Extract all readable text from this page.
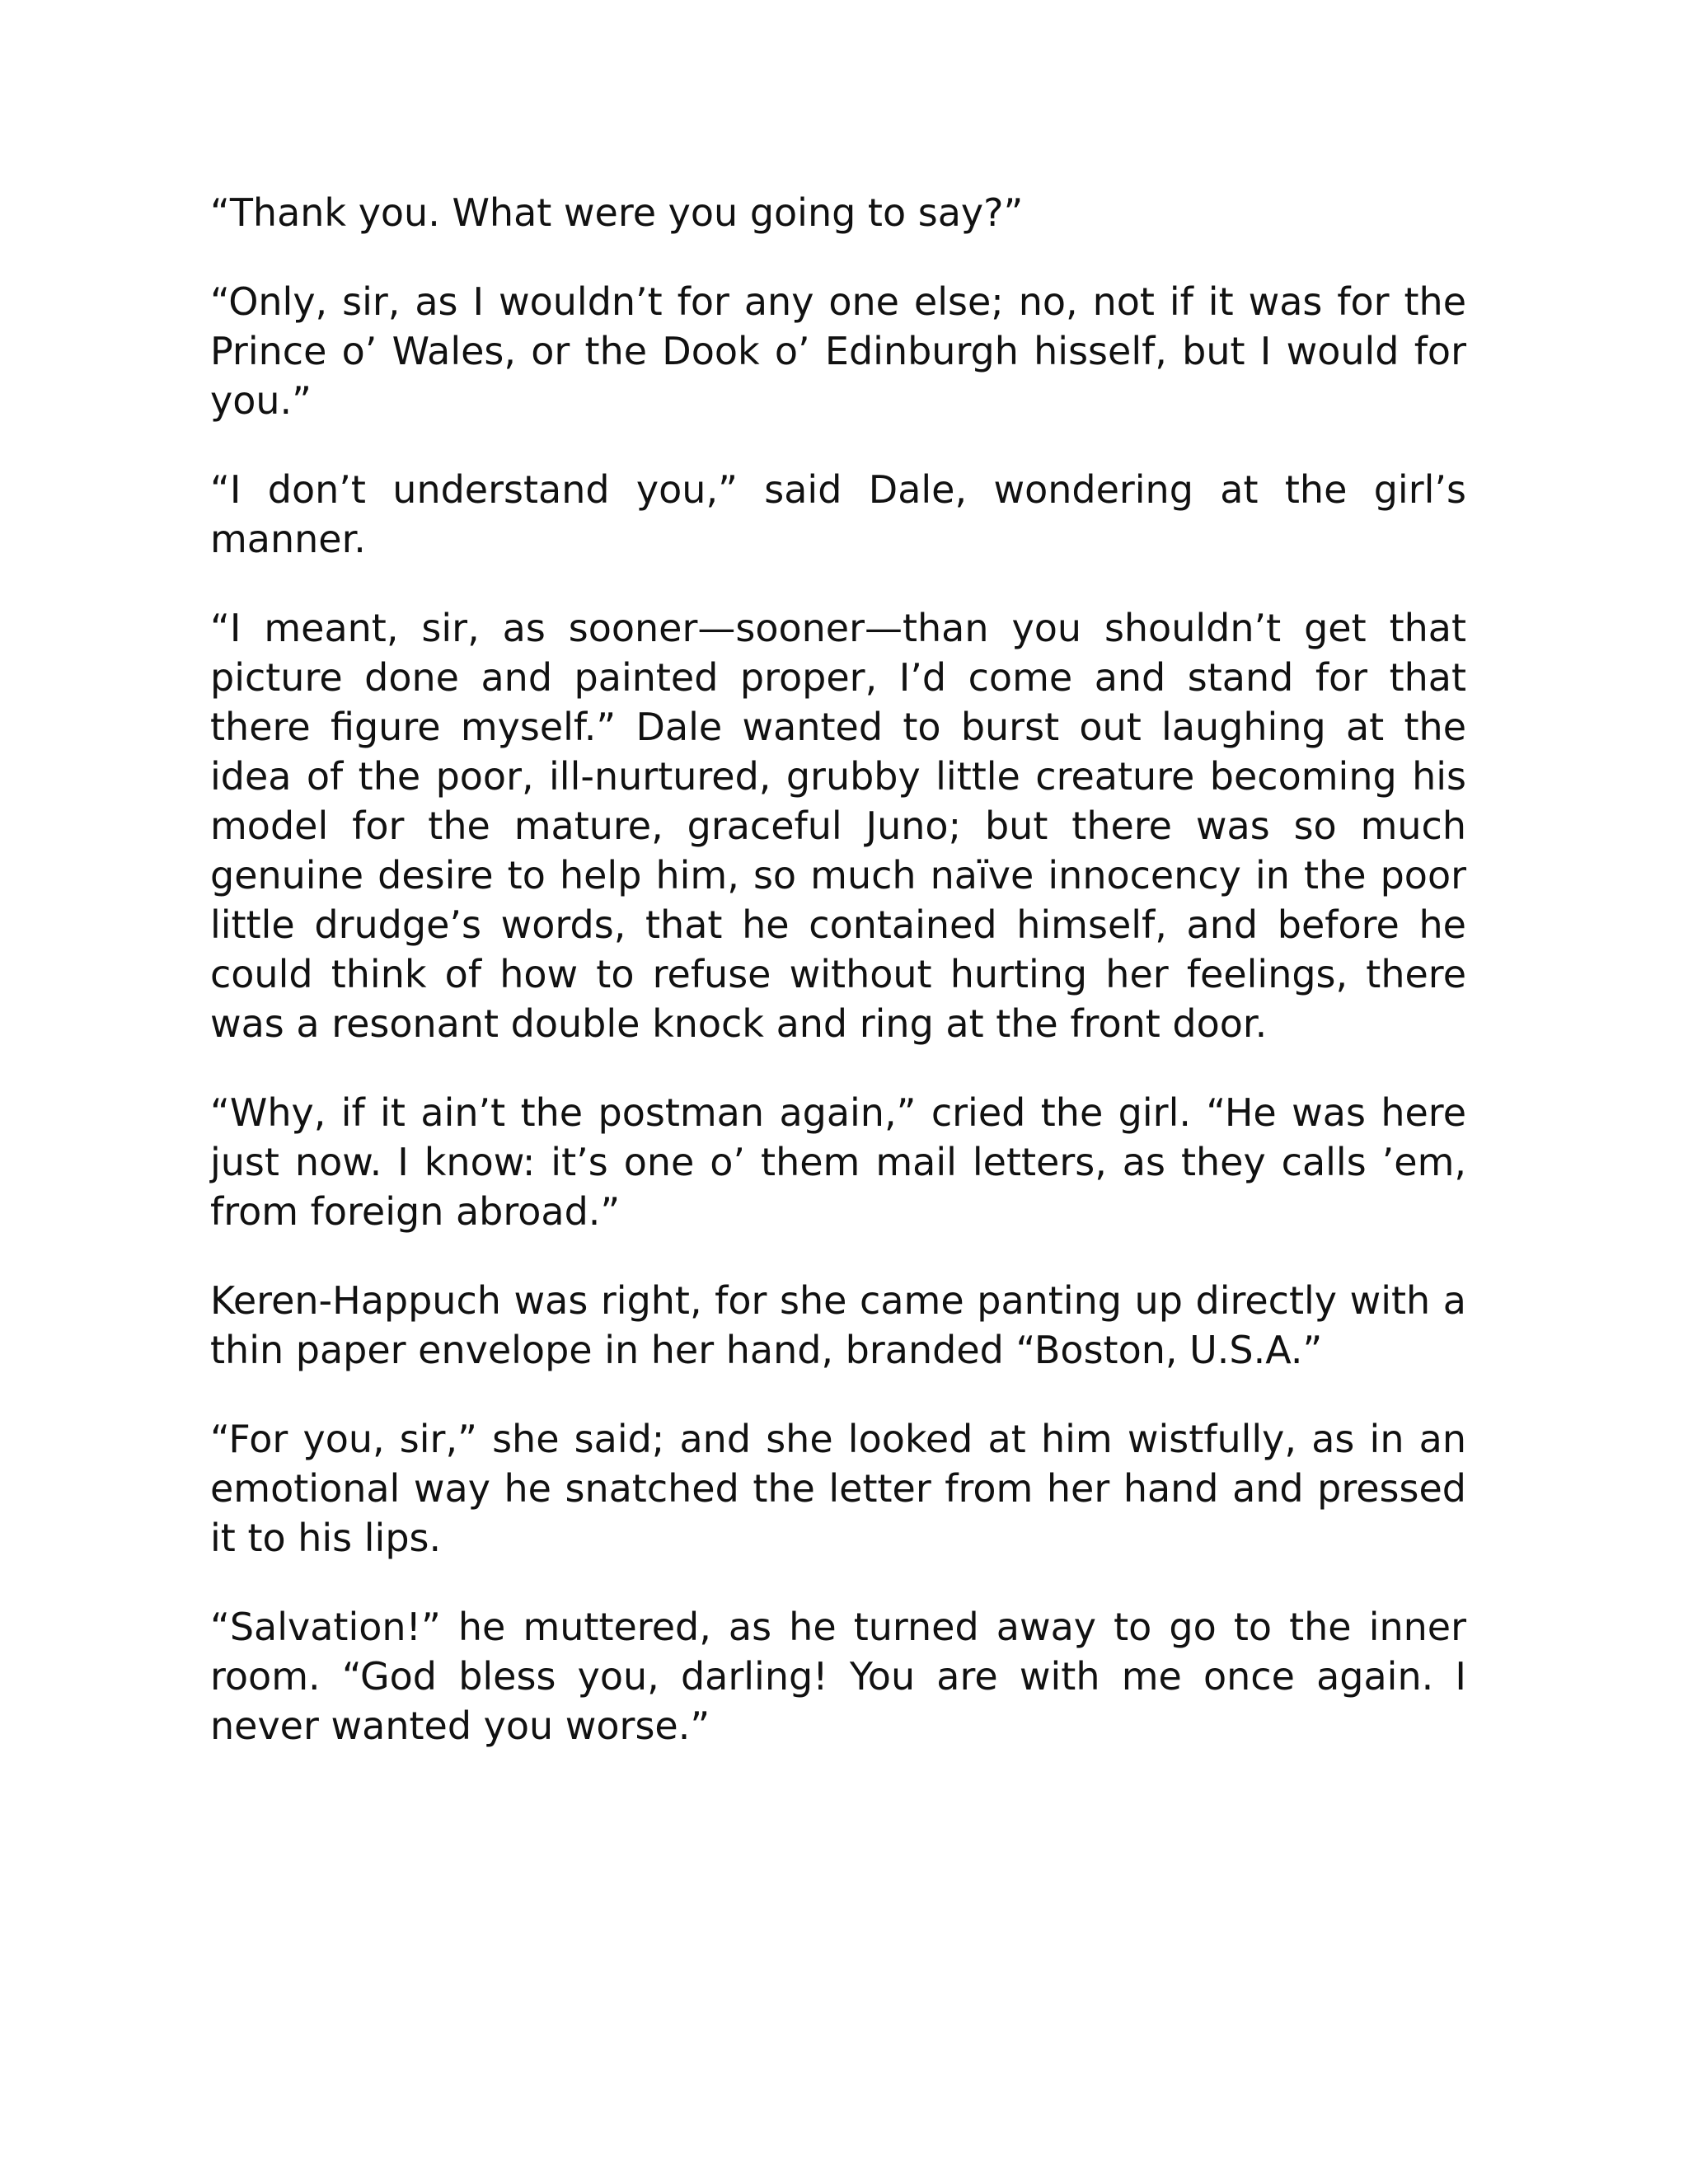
“Thank you. What were you going to say?”

“Only, sir, as I wouldn’t for any one else; no, not if it was for the Prince o’ Wales, or the Dook o’ Edinburgh hisself, but I would for you.”

“I don’t understand you,” said Dale, wondering at the girl’s manner.

“I meant, sir, as sooner—sooner—than you shouldn’t get that picture done and painted proper, I’d come and stand for that there figure myself.” Dale wanted to burst out laughing at the idea of the poor, ill-nurtured, grubby little creature becoming his model for the mature, graceful Juno; but there was so much genuine desire to help him, so much naïve innocency in the poor little drudge’s words, that he contained himself, and before he could think of how to refuse without hurting her feelings, there was a resonant double knock and ring at the front door.

“Why, if it ain’t the postman again,” cried the girl. “He was here just now. I know: it’s one o’ them mail letters, as they calls ’em, from foreign abroad.”

Keren-Happuch was right, for she came panting up directly with a thin paper envelope in her hand, branded “Boston, U.S.A.”

“For you, sir,” she said; and she looked at him wistfully, as in an emotional way he snatched the letter from her hand and pressed it to his lips.

“Salvation!” he muttered, as he turned away to go to the inner room. “God bless you, darling! You are with me once again. I never wanted you worse.”
